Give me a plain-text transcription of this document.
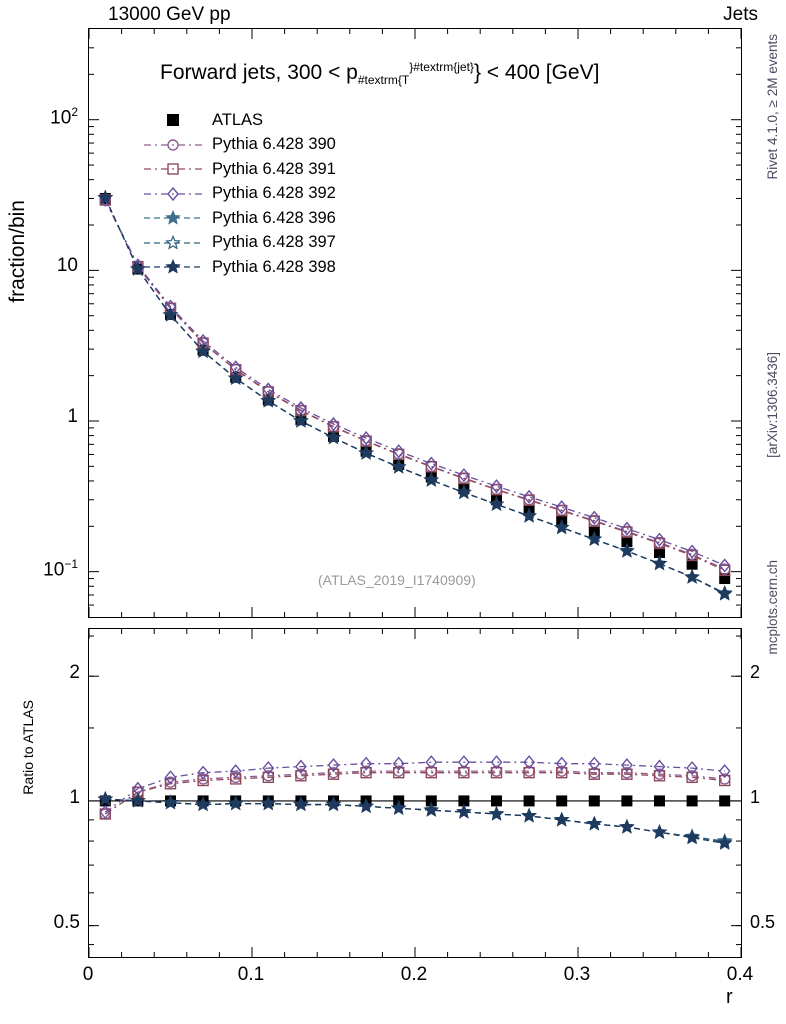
13000 GeV pp	Jets
Rivet 4.1.0, ≥ 2M events
[arXiv:1306.3436]
mcplots.cern.ch
fraction/bin
Ratio to ATLAS
r
Forward jets, $300 < p_{\#textrm\{T}^{\}\#textrm\{jet\}}\} < 400$ [GeV]
(ATLAS_2019_I1740909)
ATLAS
Pythia 6.428 390
Pythia 6.428 391
Pythia 6.428 392
Pythia 6.428 396
Pythia 6.428 397
Pythia 6.428 398
$10^{-1}$
1
10
$10^2$
0.5	0.5
1	1
2	2
0	0.1	0.2	0.3	0.4
